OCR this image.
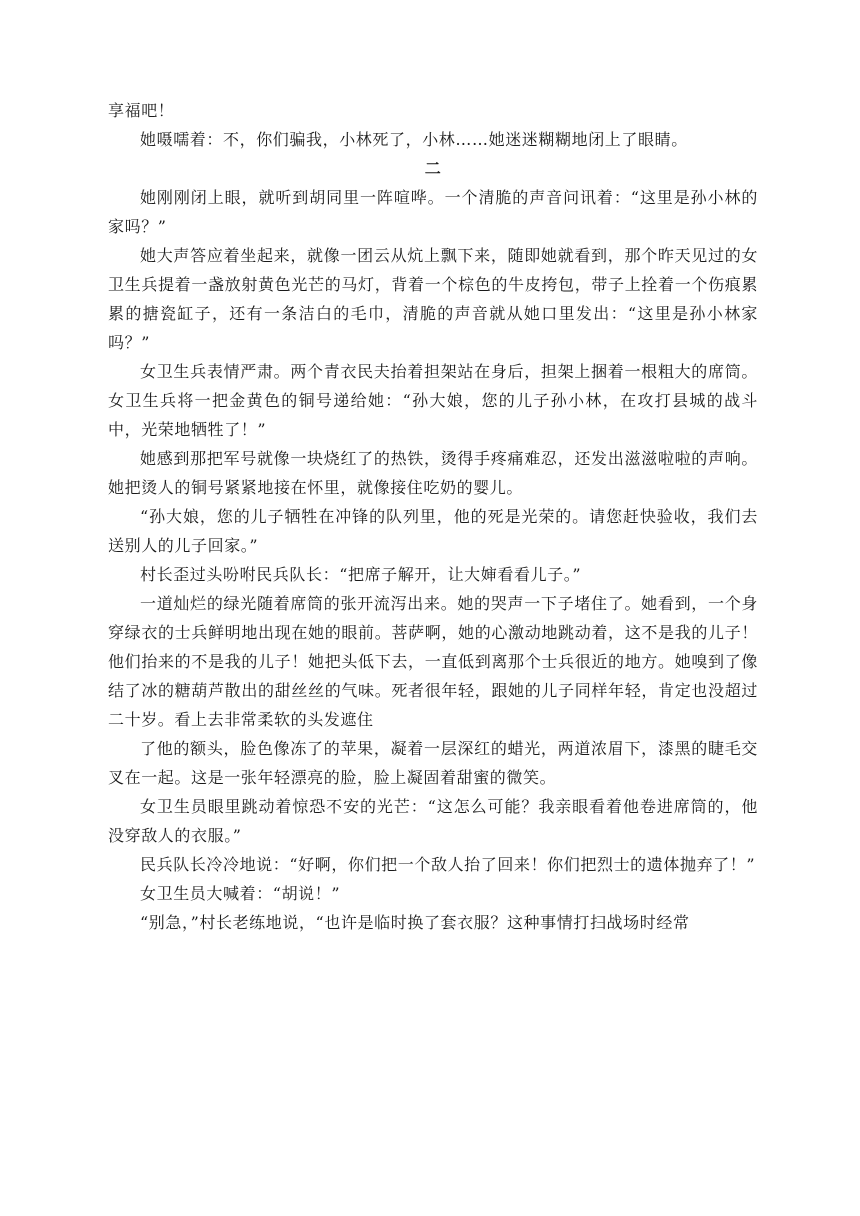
享福吧！

她嗫嚅着：不，你们骗我，小林死了，小林……她迷迷糊糊地闭上了眼睛。

二

她刚刚闭上眼，就听到胡同里一阵喧哗。一个清脆的声音问讯着：“这里是孙小林的家吗？”

她大声答应着坐起来，就像一团云从炕上飘下来，随即她就看到，那个昨天见过的女卫生兵提着一盏放射黄色光芒的马灯，背着一个棕色的牛皮挎包，带子上拴着一个伤痕累累的搪瓷缸子，还有一条洁白的毛巾，清脆的声音就从她口里发出：“这里是孙小林家吗？”

女卫生兵表情严肃。两个青衣民夫抬着担架站在身后，担架上捆着一根粗大的席筒。女卫生兵将一把金黄色的铜号递给她：“孙大娘，您的儿子孙小林，在攻打县城的战斗中，光荣地牺牲了！”

她感到那把军号就像一块烧红了的热铁，烫得手疼痛难忍，还发出滋滋啦啦的声响。她把烫人的铜号紧紧地接在怀里，就像接住吃奶的婴儿。

“孙大娘，您的儿子牺牲在冲锋的队列里，他的死是光荣的。请您赶快验收，我们去送别人的儿子回家。”

村长歪过头吩咐民兵队长：“把席子解开，让大婶看看儿子。”

一道灿烂的绿光随着席筒的张开流泻出来。她的哭声一下子堵住了。她看到，一个身穿绿衣的士兵鲜明地出现在她的眼前。菩萨啊，她的心激动地跳动着，这不是我的儿子！他们抬来的不是我的儿子！她把头低下去，一直低到离那个士兵很近的地方。她嗅到了像结了冰的糖葫芦散出的甜丝丝的气味。死者很年轻，跟她的儿子同样年轻，肯定也没超过二十岁。看上去非常柔软的头发遮住

了他的额头，脸色像冻了的苹果，凝着一层深红的蜡光，两道浓眉下，漆黑的睫毛交叉在一起。这是一张年轻漂亮的脸，脸上凝固着甜蜜的微笑。

女卫生员眼里跳动着惊恐不安的光芒：“这怎么可能？我亲眼看着他卷进席筒的，他没穿敌人的衣服。”

民兵队长冷冷地说：“好啊，你们把一个敌人抬了回来！你们把烈士的遗体抛弃了！”

女卫生员大喊着：“胡说！”

“别急，”村长老练地说，“也许是临时换了套衣服？这种事情打扫战场时经常
